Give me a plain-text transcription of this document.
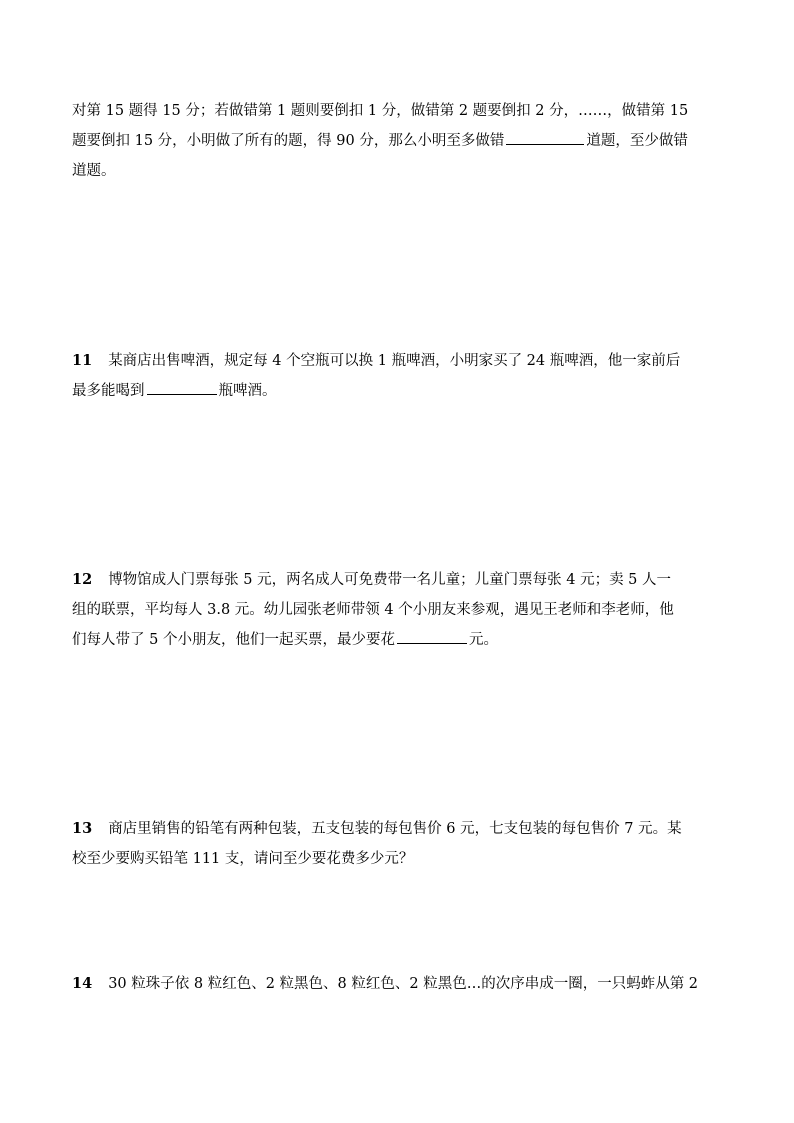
对第 15 题得 15 分；若做错第 1 题则要倒扣 1 分，做错第 2 题要倒扣 2 分，……，做错第 15
题要倒扣 15 分，小明做了所有的题，得 90 分，那么小明至多做错	道题，至少做错
道题。
11 某商店出售啤酒，规定每 4 个空瓶可以换 1 瓶啤酒，小明家买了 24 瓶啤酒，他一家前后
最多能喝到	瓶啤酒。
12 博物馆成人门票每张 5 元，两名成人可免费带一名儿童；儿童门票每张 4 元；卖 5 人一
组的联票，平均每人 3.8 元。幼儿园张老师带领 4 个小朋友来参观，遇见王老师和李老师，他
们每人带了 5 个小朋友，他们一起买票，最少要花	元。
13 商店里销售的铅笔有两种包装，五支包装的每包售价 6 元，七支包装的每包售价 7 元。某
校至少要购买铅笔 111 支，请问至少要花费多少元？
14 30 粒珠子依 8 粒红色、2 粒黑色、8 粒红色、2 粒黑色…的次序串成一圈，一只蚂蚱从第 2
